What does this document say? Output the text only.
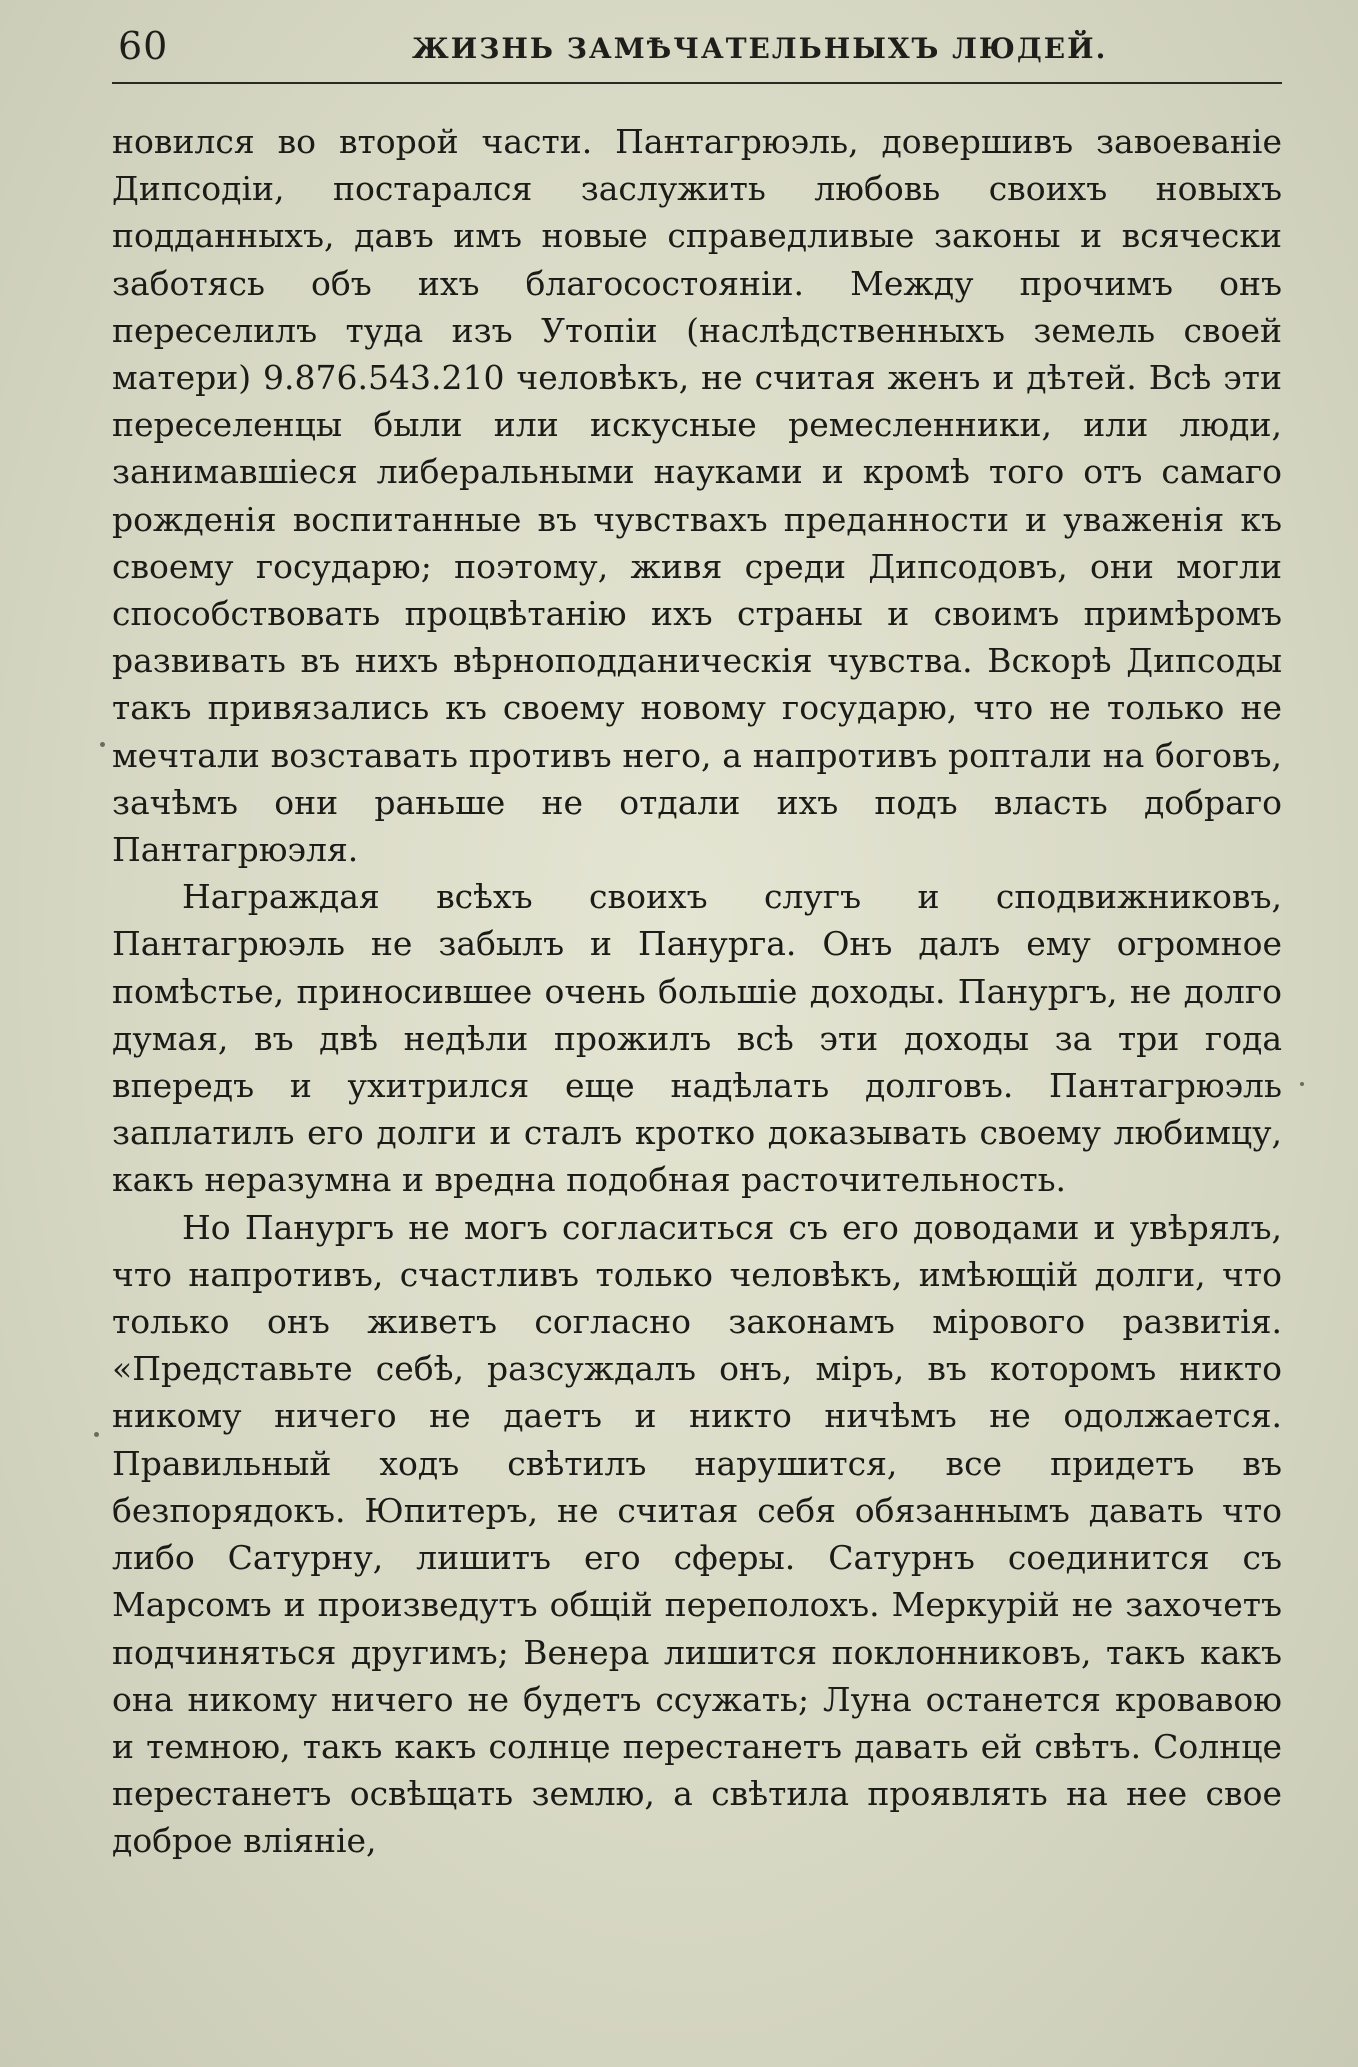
60	ЖИЗНЬ ЗАМѢЧАТЕЛЬНЫХЪ ЛЮДЕЙ.

новился во второй части. Пантагрюэль, довершивъ завоеванiе Дипсодiи, постарался заслужить любовь своихъ новыхъ подданныхъ, давъ имъ новые справедливые законы и всячески заботясь объ ихъ благосостоянiи. Между прочимъ онъ переселилъ туда изъ Утопiи (наслѣдственныхъ земель своей матери) 9.876.543.210 человѣкъ, не считая женъ и дѣтей. Всѣ эти переселенцы были или искусные ремесленники, или люди, занимавшiеся либеральными науками и кромѣ того отъ самаго рожденiя воспитанные въ чувствахъ преданности и уваженiя къ своему государю; поэтому, живя среди Дипсодовъ, они могли способствовать процвѣтанiю ихъ страны и своимъ примѣромъ развивать въ нихъ вѣрноподданическiя чувства. Вскорѣ Дипсоды такъ привязались къ своему новому государю, что не только не мечтали возставать противъ него, а напротивъ роптали на боговъ, зачѣмъ они раньше не отдали ихъ подъ власть добраго Пантагрюэля.

Награждая всѣхъ своихъ слугъ и сподвижниковъ, Пантагрюэль не забылъ и Панурга. Онъ далъ ему огромное помѣстье, приносившее очень большiе доходы. Панургъ, не долго думая, въ двѣ недѣли прожилъ всѣ эти доходы за три года впередъ и ухитрился еще надѣлать долговъ. Пантагрюэль заплатилъ его долги и сталъ кротко доказывать своему любимцу, какъ неразумна и вредна подобная расточительность.

Но Панургъ не могъ согласиться съ его доводами и увѣрялъ, что напротивъ, счастливъ только человѣкъ, имѣющiй долги, что только онъ живетъ согласно законамъ мiрового развитiя. «Представьте себѣ, разсуждалъ онъ, мiръ, въ которомъ никто никому ничего не даетъ и никто ничѣмъ не одолжается. Правильный ходъ свѣтилъ нарушится, все придетъ въ безпорядокъ. Юпитеръ, не считая себя обязаннымъ давать что либо Сатурну, лишитъ его сферы. Сатурнъ соединится съ Марсомъ и произведутъ общiй переполохъ. Меркурiй не захочетъ подчиняться другимъ; Венера лишится поклонниковъ, такъ какъ она никому ничего не будетъ ссужать; Луна останется кровавою и темною, такъ какъ солнце перестанетъ давать ей свѣтъ. Солнце перестанетъ освѣщать землю, а свѣтила проявлять на нее свое доброе влiянiе,
